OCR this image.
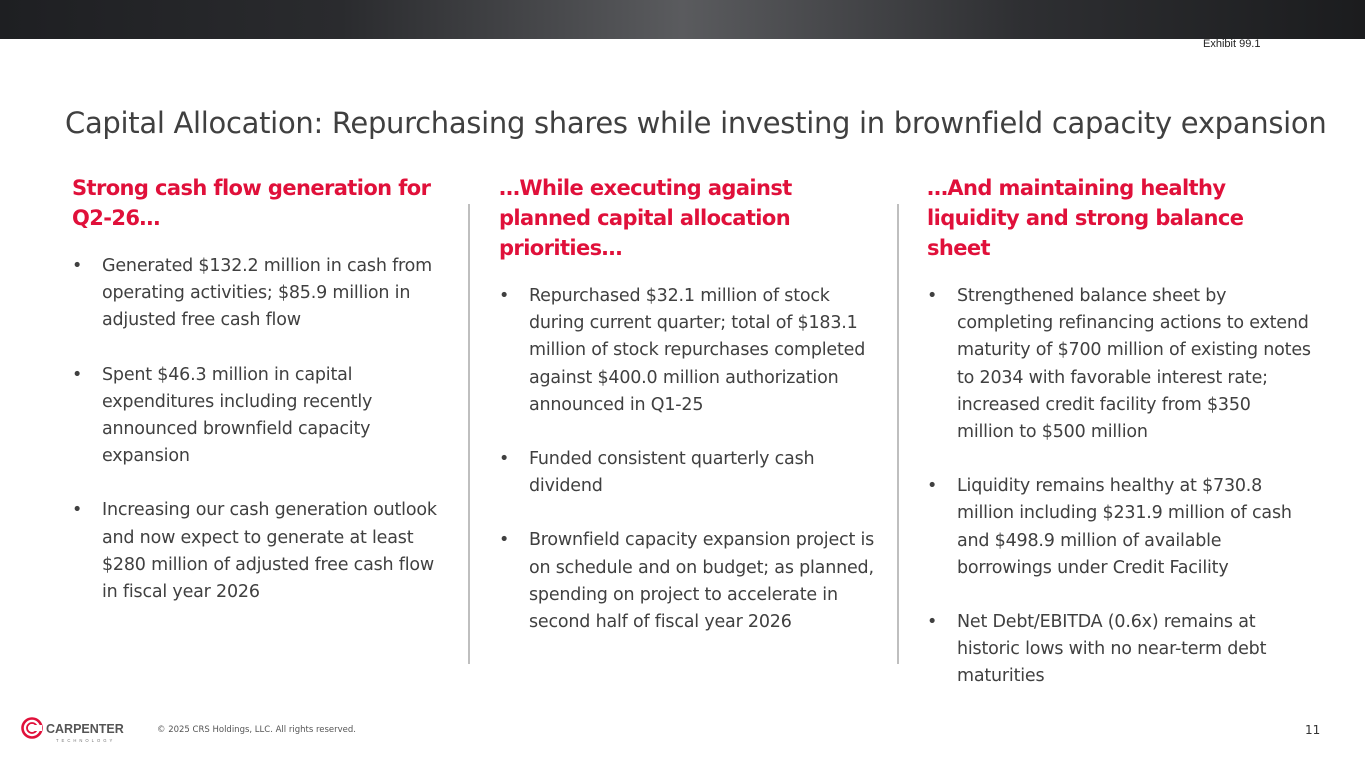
Exhibit 99.1
Capital Allocation: Repurchasing shares while investing in brownfield capacity expansion
Strong cash flow generation for Q2-26…
• Generated $132.2 million in cash from operating activities; $85.9 million in adjusted free cash flow
• Spent $46.3 million in capital expenditures including recently announced brownfield capacity expansion
• Increasing our cash generation outlook and now expect to generate at least $280 million of adjusted free cash flow in fiscal year 2026
…While executing against planned capital allocation priorities…
• Repurchased $32.1 million of stock during current quarter; total of $183.1 million of stock repurchases completed against $400.0 million authorization announced in Q1-25
• Funded consistent quarterly cash dividend
• Brownfield capacity expansion project is on schedule and on budget; as planned, spending on project to accelerate in second half of fiscal year 2026
…And maintaining healthy liquidity and strong balance sheet
• Strengthened balance sheet by completing refinancing actions to extend maturity of $700 million of existing notes to 2034 with favorable interest rate; increased credit facility from $350 million to $500 million
• Liquidity remains healthy at $730.8 million including $231.9 million of cash and $498.9 million of available borrowings under Credit Facility
• Net Debt/EBITDA (0.6x) remains at historic lows with no near-term debt maturities
CARPENTER
TECHNOLOGY
© 2025 CRS Holdings, LLC. All rights reserved.	11
